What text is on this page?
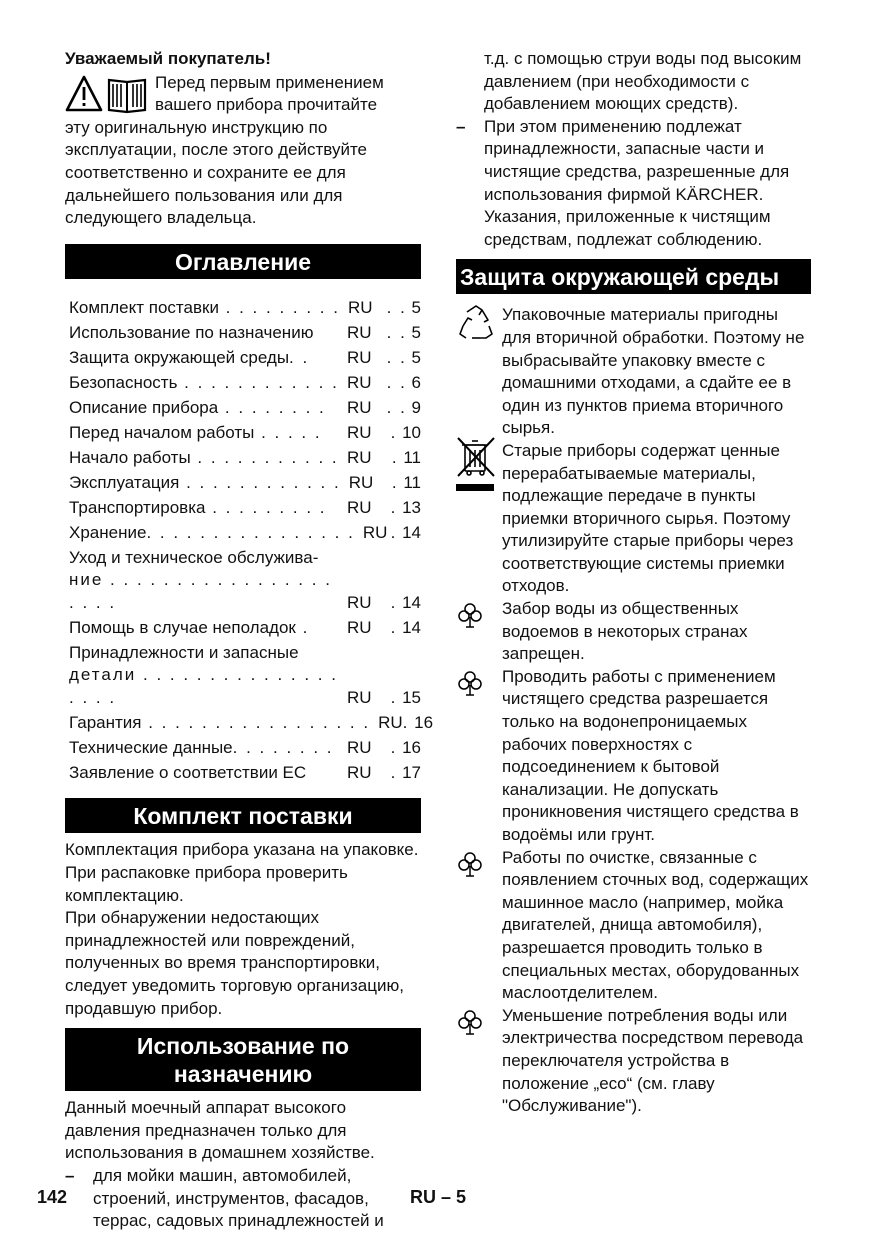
Уважаемый покупатель!

Перед первым применением

вашего прибора прочитайте

эту оригинальную инструкцию по эксплуатации, после этого действуйте соответственно и сохраните ее для дальнейшего пользования или для следующего владельца.

Оглавление
Комплект поставки . . . . . . . . . RU . . 5
Использование по назначению	RU . . 5
Защита окружающей среды. .	RU . . 5
Безопасность . . . . . . . . . . . . RU . . 6
Описание прибора . . . . . . . .	RU . . 9
Перед началом работы . . . . .	RU	. 10
Начало работы . . . . . . . . . . . RU	. 11
Эксплуатация . . . . . . . . . . . . RU	. 11
Транспортировка . . . . . . . . .	RU	. 13
Хранение. . . . . . . . . . . . . . . . RU . 14
Уход и техническое обслужива-
ние . . . . . . . . . . . . . . . . . . . . .	RU	. 14
Помощь в случае неполадок .	RU	. 14
Принадлежности и запасные
детали . . . . . . . . . . . . . . . . . . .	RU	. 15
Гарантия . . . . . . . . . . . . . . . . . RU . 16
Технические данные. . . . . . . . RU	. 16
Заявление о соответствии ЕС	RU	. 17
Комплект поставки

Комплектация прибора указана на упаковке. При распаковке прибора проверить комплектацию.

При обнаружении недостающих принадлежностей или повреждений, полученных во время транспортировки, следует уведомить торговую организацию, продавшую прибор.

Использование по
назначению

Данный моечный аппарат высокого давления предназначен только для использования в домашнем хозяйстве.

–	для мойки машин, автомобилей, строений, инструментов, фасадов, террас, садовых принадлежностей и
т.д. с помощью струи воды под высоким давлением (при необходимости с добавлением моющих средств).
–	При этом применению подлежат принадлежности, запасные части и чистящие средства, разрешенные для использования фирмой KÄRCHER. Указания, приложенные к чистящим средствам, подлежат соблюдению.
Защита окружающей среды

Упаковочные материалы пригодны для вторичной обработки. Поэтому не выбрасывайте упаковку вместе с домашними отходами, а сдайте ее в один из пунктов приема вторичного сырья.

Старые приборы содержат ценные перерабатываемые материалы, подлежащие передаче в пункты приемки вторичного сырья. Поэтому утилизируйте старые приборы через соответствующие системы приемки отходов.

Забор воды из общественных водоемов в некоторых странах запрещен.

Проводить работы с применением чистящего средства разрешается только на водонепроницаемых рабочих поверхностях с подсоединением к бытовой канализации. Не допускать проникновения чистящего средства в водоёмы или грунт.

Работы по очистке, связанные с появлением сточных вод, содержащих машинное масло (например, мойка двигателей, днища автомобиля), разрешается проводить только в специальных местах, оборудованных маслоотделителем.

Уменьшение потребления воды или электричества посредством перевода переключателя устройства в положение „eco“ (см. главу "Обслуживание").

142	RU – 5
